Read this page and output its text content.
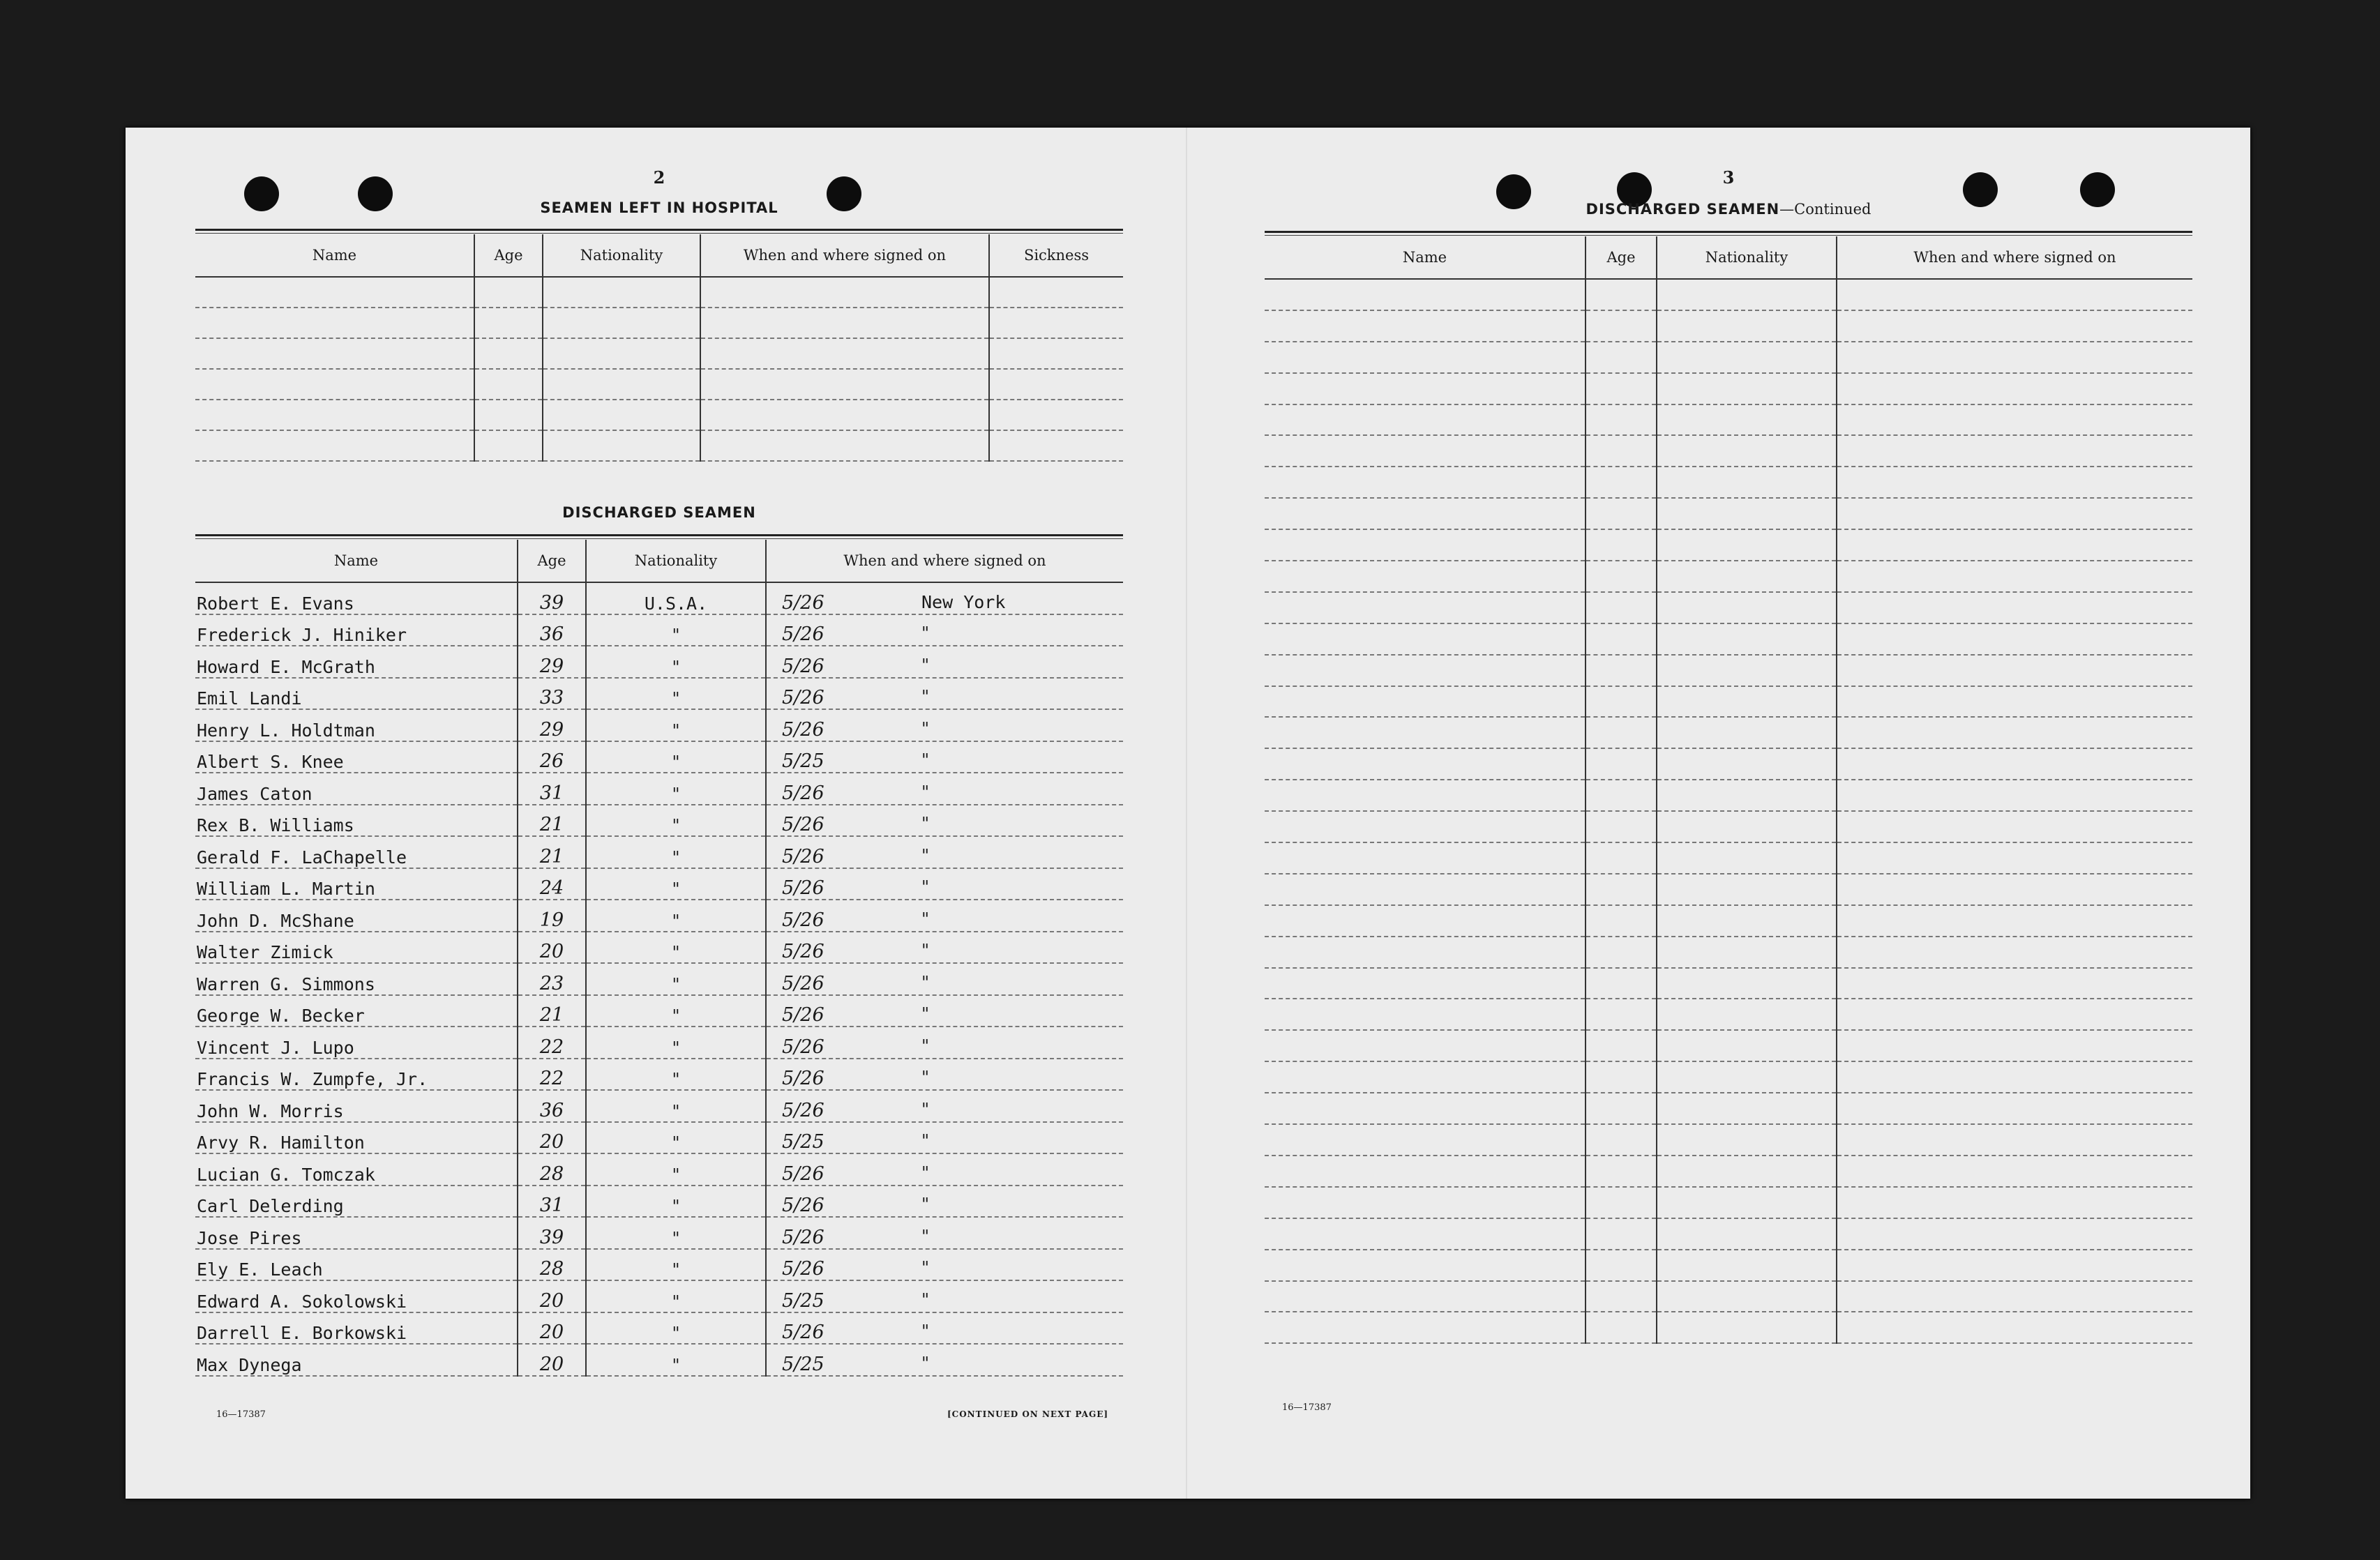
2
SEAMEN LEFT IN HOSPITAL
Name	Age	Nationality	When and where signed on	Sickness

DISCHARGED SEAMEN
Name	Age	Nationality	When and where signed on
Robert E. Evans	39	U.S.A.	5/26 New York

Frederick J. Hiniker	36	"	5/26 "

Howard E. McGrath	29	"	5/26 "

Emil Landi	33	"	5/26 "

Henry L. Holdtman	29	"	5/26 "

Albert S. Knee	26	"	5/25 "

James Caton	31	"	5/26 "

Rex B. Williams	21	"	5/26 "

Gerald F. LaChapelle	21	"	5/26 "

William L. Martin	24	"	5/26 "

John D. McShane	19	"	5/26 "

Walter Zimick	20	"	5/26 "

Warren G. Simmons	23	"	5/26 "

George W. Becker	21	"	5/26 "

Vincent J. Lupo	22	"	5/26 "

Francis W. Zumpfe, Jr.	22	"	5/26 "

John W. Morris	36	"	5/26 "

Arvy R. Hamilton	20	"	5/25 "

Lucian G. Tomczak	28	"	5/26 "

Carl Delerding	31	"	5/26 "

Jose Pires	39	"	5/26 "

Ely E. Leach	28	"	5/26 "

Edward A. Sokolowski	20	"	5/25 "

Darrell E. Borkowski	20	"	5/26 "

Max Dynega	20	"	5/25 "
16—17387	[CONTINUED ON NEXT PAGE]
3
DISCHARGED SEAMEN—Continued
Name	Age	Nationality	When and where signed on

16—17387
